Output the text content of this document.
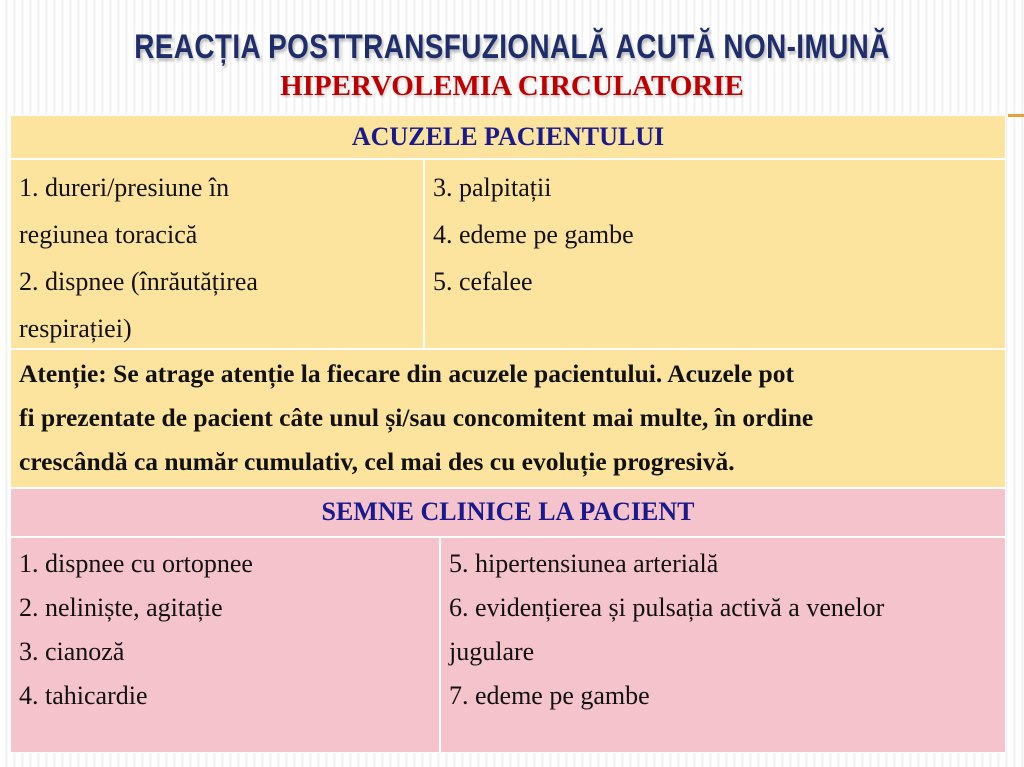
REACȚIA POSTTRANSFUZIONALĂ ACUTĂ NON-IMUNĂ
HIPERVOLEMIA CIRCULATORIE
ACUZELE PACIENTULUI
1. dureri/presiune în
regiunea toracică
2. dispnee (înrăutățirea
respirației)
3. palpitații
4. edeme pe gambe
5. cefalee
Atenție: Se atrage atenție la fiecare din acuzele pacientului. Acuzele pot
fi prezentate de pacient câte unul și/sau concomitent mai multe, în ordine
crescândă ca număr cumulativ, cel mai des cu evoluție progresivă.
SEMNE CLINICE LA PACIENT
1. dispnee cu ortopnee
2. neliniște, agitație
3. cianoză
4. tahicardie
5. hipertensiunea arterială
6. evidențierea și pulsația activă a venelor
jugulare
7. edeme pe gambe
